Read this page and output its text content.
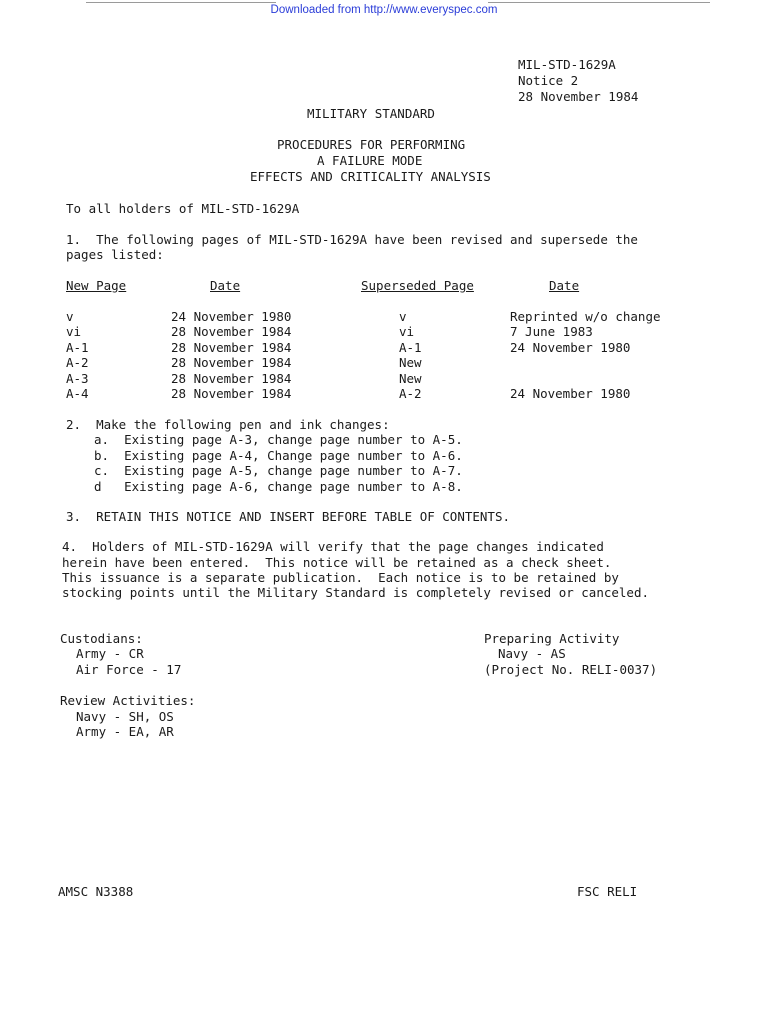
Downloaded from http://www.everyspec.com
MIL-STD-1629A
Notice 2
28 November 1984
MILITARY STANDARD
PROCEDURES FOR PERFORMING
A FAILURE MODE
EFFECTS AND CRITICALITY ANALYSIS
To all holders of MIL-STD-1629A
1.  The following pages of MIL-STD-1629A have been revised and supersede the
pages listed:
New Page	Date	Superseded Page	Date
v	24 November 1980	v	Reprinted w/o change
vi	28 November 1984	vi	7 June 1983
A-1	28 November 1984	A-1	24 November 1980
A-2	28 November 1984	New
A-3	28 November 1984	New
A-4	28 November 1984	A-2	24 November 1980
2.  Make the following pen and ink changes:
a.  Existing page A-3, change page number to A-5.
b.  Existing page A-4, Change page number to A-6.
c.  Existing page A-5, change page number to A-7.
d   Existing page A-6, change page number to A-8.
3.  RETAIN THIS NOTICE AND INSERT BEFORE TABLE OF CONTENTS.
4.  Holders of MIL-STD-1629A will verify that the page changes indicated
herein have been entered.  This notice will be retained as a check sheet.
This issuance is a separate publication.  Each notice is to be retained by
stocking points until the Military Standard is completely revised or canceled.
Custodians:
Army - CR
Air Force - 17
Preparing Activity
Navy - AS
(Project No. RELI-0037)
Review Activities:
Navy - SH, OS
Army - EA, AR
AMSC N3388	FSC RELI
